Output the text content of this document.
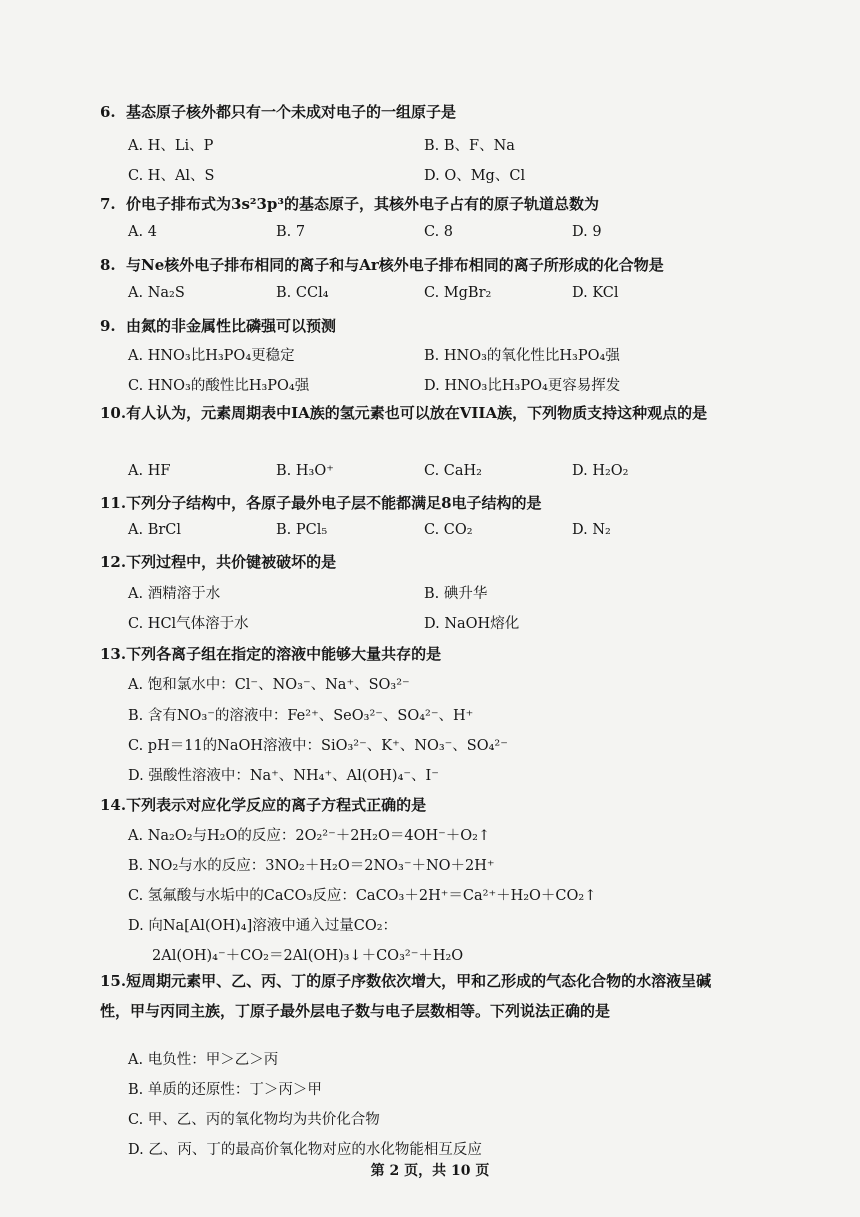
6. 基态原子核外都只有一个未成对电子的一组原子是
A. H、Li、P	B. B、F、Na
C. H、Al、S	D. O、Mg、Cl
7. 价电子排布式为3s²3p³的基态原子，其核外电子占有的原子轨道总数为
A. 4	B. 7	C. 8	D. 9
8. 与Ne核外电子排布相同的离子和与Ar核外电子排布相同的离子所形成的化合物是
A. Na₂S	B. CCl₄	C. MgBr₂	D. KCl
9. 由氮的非金属性比磷强可以预测
A. HNO₃比H₃PO₄更稳定	B. HNO₃的氧化性比H₃PO₄强
C. HNO₃的酸性比H₃PO₄强	D. HNO₃比H₃PO₄更容易挥发
10.有人认为，元素周期表中IA族的氢元素也可以放在VIIA族，下列物质支持这种观点的是
A. HF	B. H₃O⁺	C. CaH₂	D. H₂O₂
11.下列分子结构中，各原子最外电子层不能都满足8电子结构的是
A. BrCl	B. PCl₅	C. CO₂	D. N₂
12.下列过程中，共价键被破坏的是
A. 酒精溶于水	B. 碘升华
C. HCl气体溶于水	D. NaOH熔化
13.下列各离子组在指定的溶液中能够大量共存的是
A. 饱和氯水中：Cl⁻、NO₃⁻、Na⁺、SO₃²⁻
B. 含有NO₃⁻的溶液中：Fe²⁺、SeO₃²⁻、SO₄²⁻、H⁺
C. pH＝11的NaOH溶液中：SiO₃²⁻、K⁺、NO₃⁻、SO₄²⁻
D. 强酸性溶液中：Na⁺、NH₄⁺、Al(OH)₄⁻、I⁻
14.下列表示对应化学反应的离子方程式正确的是
A. Na₂O₂与H₂O的反应：2O₂²⁻＋2H₂O＝4OH⁻＋O₂↑
B. NO₂与水的反应：3NO₂＋H₂O＝2NO₃⁻＋NO＋2H⁺
C. 氢氟酸与水垢中的CaCO₃反应：CaCO₃＋2H⁺＝Ca²⁺＋H₂O＋CO₂↑
D. 向Na[Al(OH)₄]溶液中通入过量CO₂：
2Al(OH)₄⁻＋CO₂＝2Al(OH)₃↓＋CO₃²⁻＋H₂O
15.短周期元素甲、乙、丙、丁的原子序数依次增大，甲和乙形成的气态化合物的水溶液呈碱性，甲与丙同主族，丁原子最外层电子数与电子层数相等。下列说法正确的是
A. 电负性：甲＞乙＞丙
B. 单质的还原性：丁＞丙＞甲
C. 甲、乙、丙的氧化物均为共价化合物
D. 乙、丙、丁的最高价氧化物对应的水化物能相互反应
第 2 页，共 10 页
